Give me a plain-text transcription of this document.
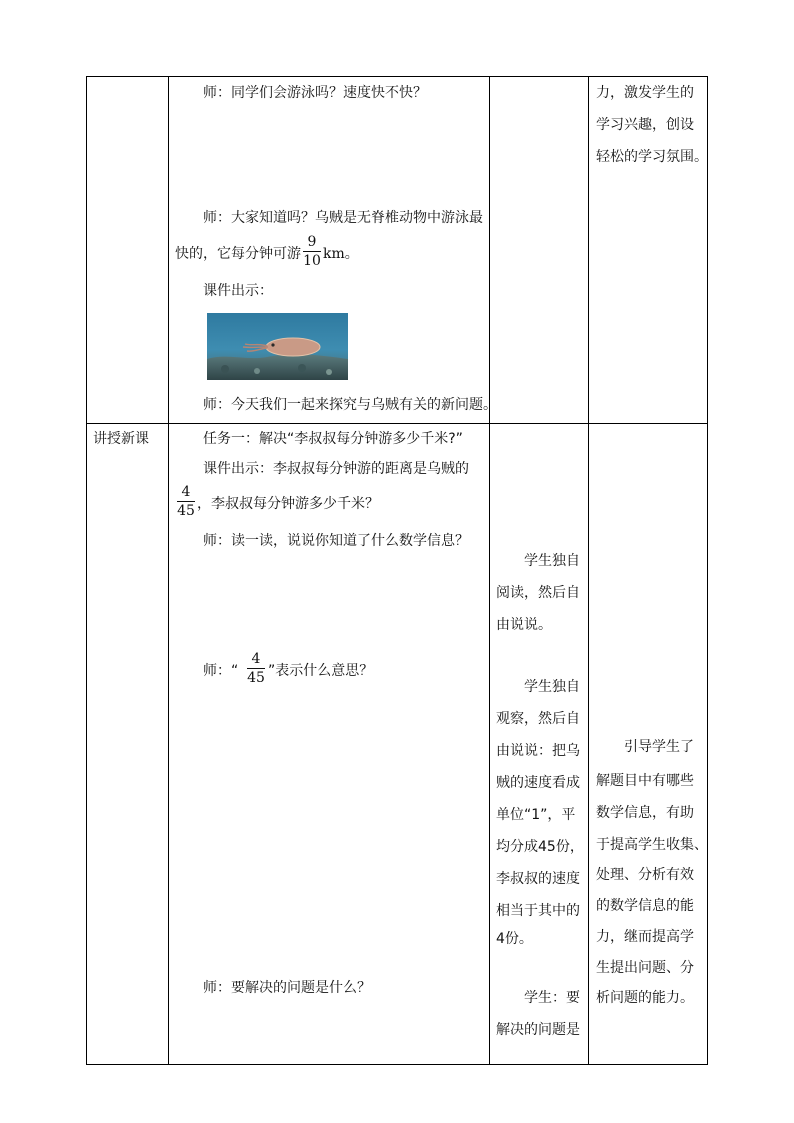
师：同学们会游泳吗？速度快不快？
师：大家知道吗？乌贼是无脊椎动物中游泳最
快的，它每分钟可游
9
10 km。
课件出示：
师：今天我们一起来探究与乌贼有关的新问题。
力，激发学生的
学习兴趣，创设
轻松的学习氛围。
讲授新课	任务一：解决“李叔叔每分钟游多少千米?”
课件出示：李叔叔每分钟游的距离是乌贼的
4
45 ，李叔叔每分钟游多少千米？
师：读一读，说说你知道了什么数学信息？
师：“
4
45 ”表示什么意思？
师：要解决的问题是什么？
学生独自
阅读，然后自
由说说。
学生独自
观察，然后自
由说说：把乌
贼的速度看成
单位“1”，平
均分成45份，
李叔叔的速度
相当于其中的
4份。
学生：要
解决的问题是
引导学生了
解题目中有哪些
数学信息，有助
于提高学生收集、
处理、分析有效
的数学信息的能
力，继而提高学
生提出问题、分
析问题的能力。
